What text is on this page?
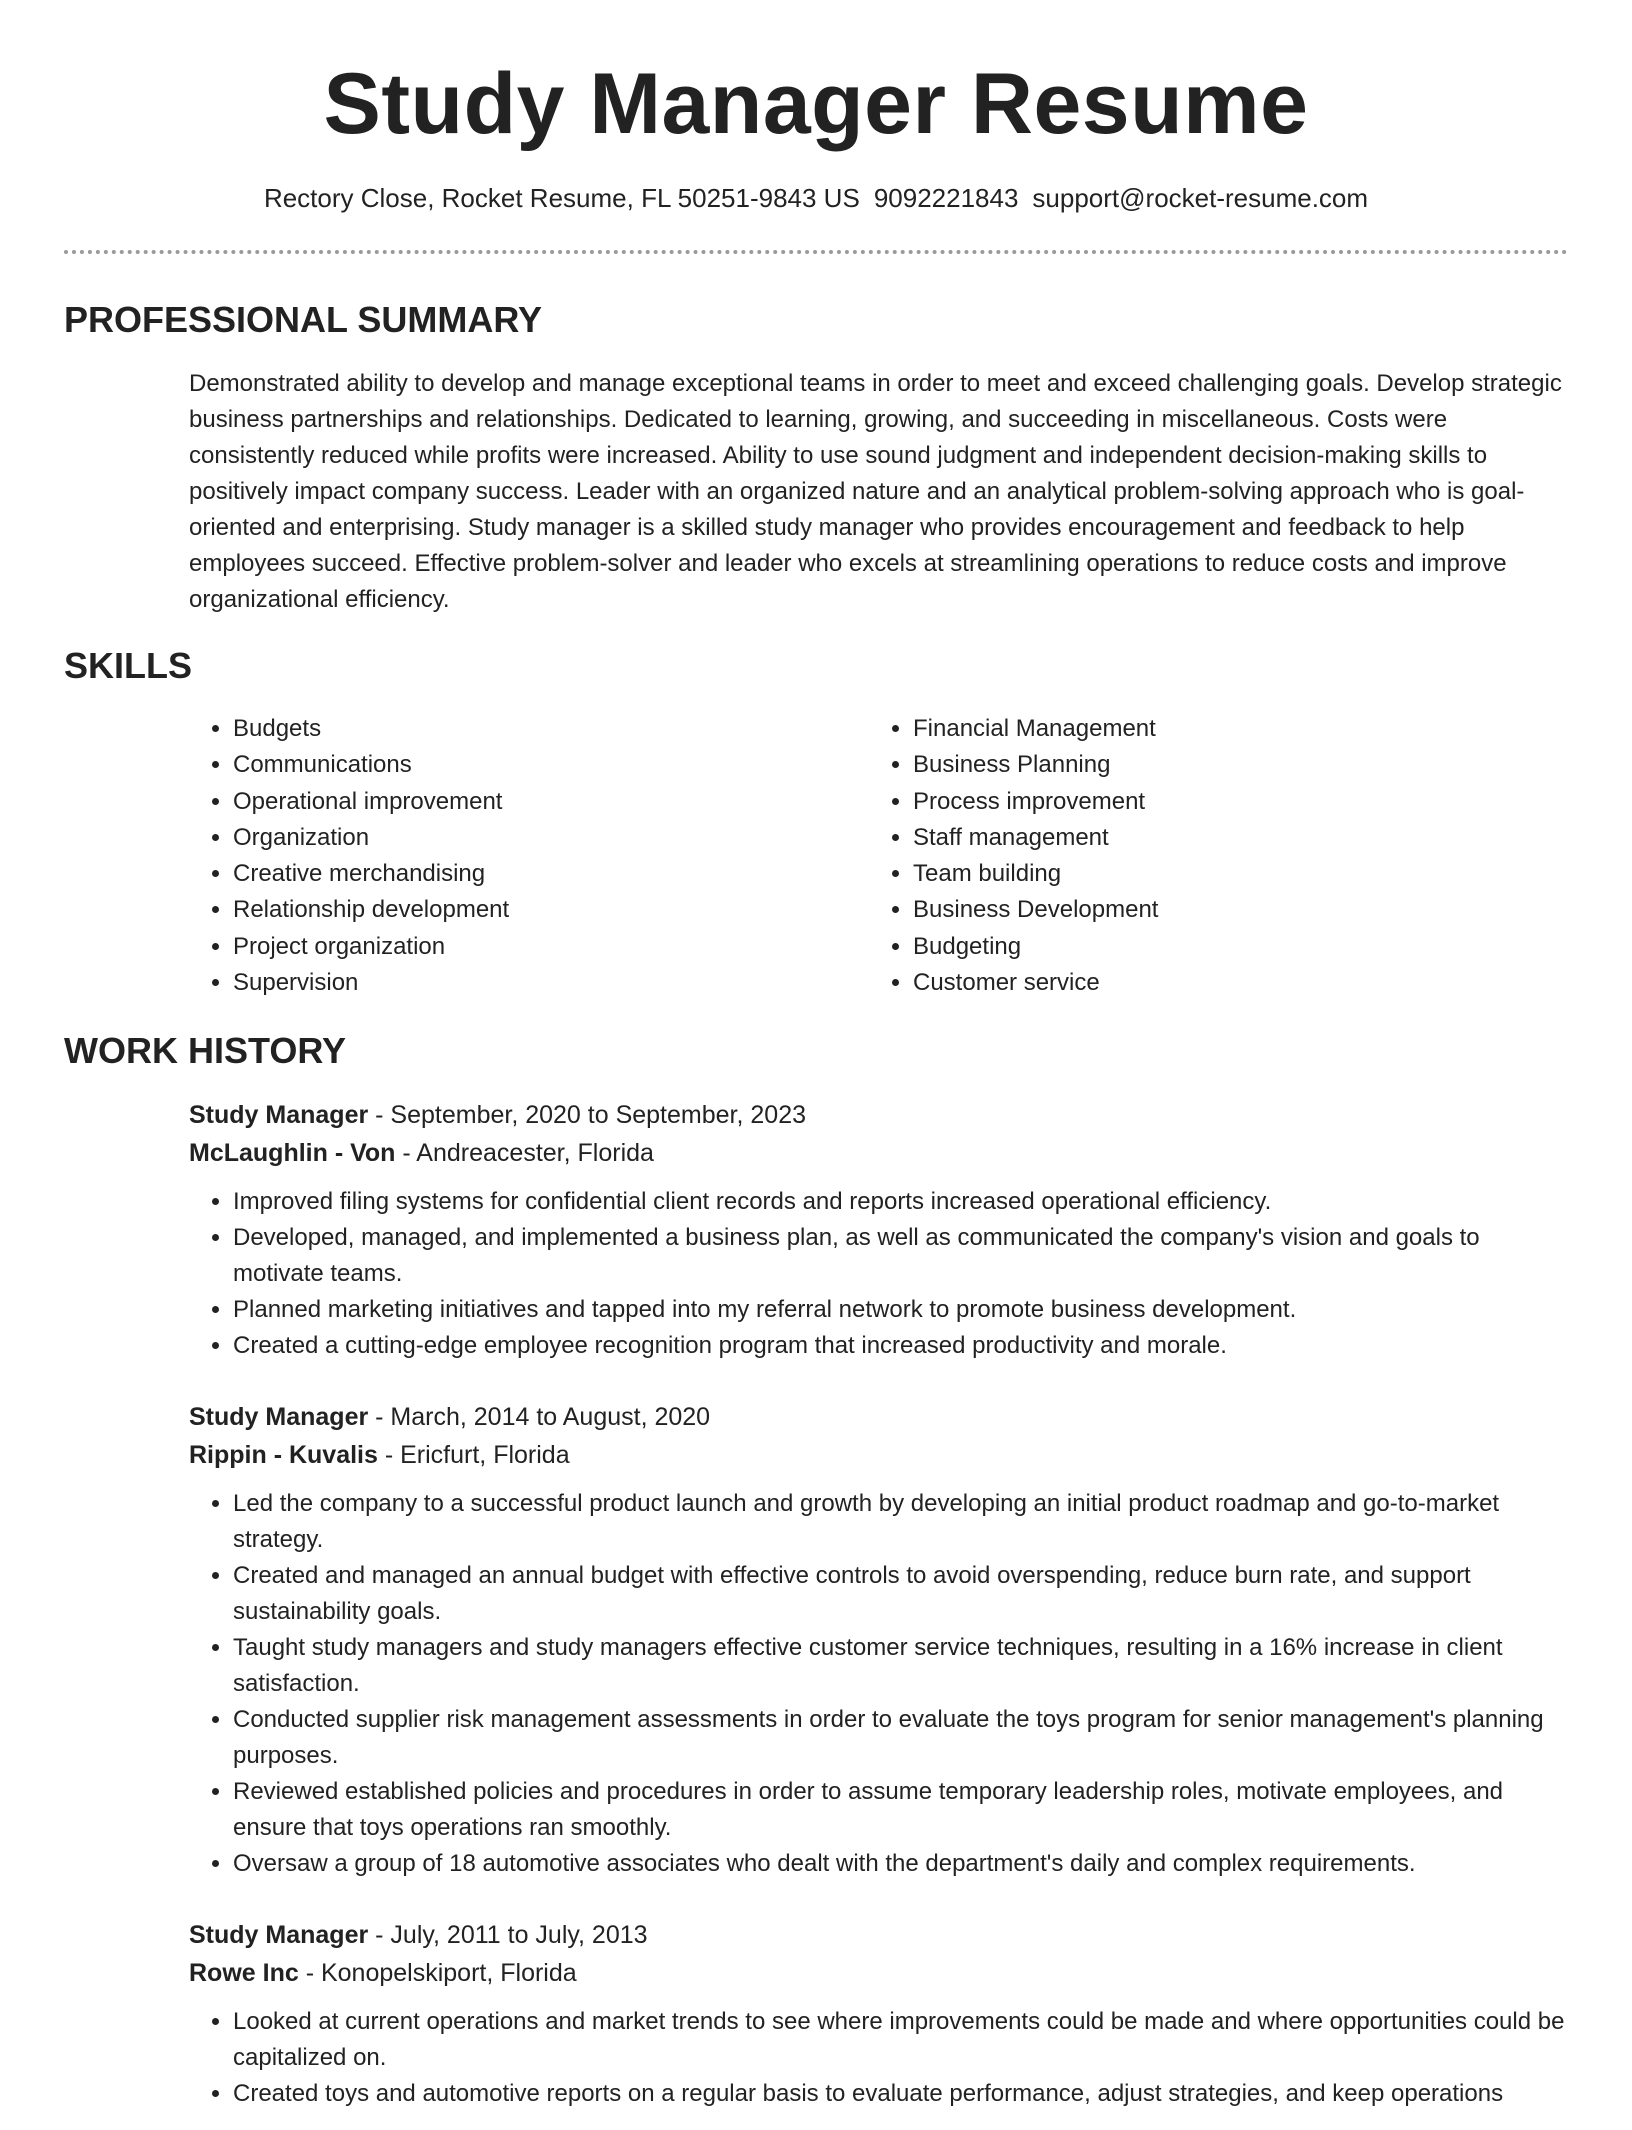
Study Manager Resume
Rectory Close, Rocket Resume, FL 50251-9843 US 9092221843 support@rocket-resume.com
PROFESSIONAL SUMMARY
Demonstrated ability to develop and manage exceptional teams in order to meet and exceed challenging goals. Develop strategic business partnerships and relationships. Dedicated to learning, growing, and succeeding in miscellaneous. Costs were consistently reduced while profits were increased. Ability to use sound judgment and independent decision-making skills to positively impact company success. Leader with an organized nature and an analytical problem-solving approach who is goal-oriented and enterprising. Study manager is a skilled study manager who provides encouragement and feedback to help employees succeed. Effective problem-solver and leader who excels at streamlining operations to reduce costs and improve organizational efficiency.
SKILLS
• Budgets
• Communications
• Operational improvement
• Organization
• Creative merchandising
• Relationship development
• Project organization
• Supervision
• Financial Management
• Business Planning
• Process improvement
• Staff management
• Team building
• Business Development
• Budgeting
• Customer service
WORK HISTORY
Study Manager - September, 2020 to September, 2023
McLaughlin - Von - Andreacester, Florida
• Improved filing systems for confidential client records and reports increased operational efficiency.
• Developed, managed, and implemented a business plan, as well as communicated the company's vision and goals to motivate teams.
• Planned marketing initiatives and tapped into my referral network to promote business development.
• Created a cutting-edge employee recognition program that increased productivity and morale.
Study Manager - March, 2014 to August, 2020
Rippin - Kuvalis - Ericfurt, Florida
• Led the company to a successful product launch and growth by developing an initial product roadmap and go-to-market strategy.
• Created and managed an annual budget with effective controls to avoid overspending, reduce burn rate, and support sustainability goals.
• Taught study managers and study managers effective customer service techniques, resulting in a 16% increase in client satisfaction.
• Conducted supplier risk management assessments in order to evaluate the toys program for senior management's planning purposes.
• Reviewed established policies and procedures in order to assume temporary leadership roles, motivate employees, and ensure that toys operations ran smoothly.
• Oversaw a group of 18 automotive associates who dealt with the department's daily and complex requirements.
Study Manager - July, 2011 to July, 2013
Rowe Inc - Konopelskiport, Florida
• Looked at current operations and market trends to see where improvements could be made and where opportunities could be capitalized on.
• Created toys and automotive reports on a regular basis to evaluate performance, adjust strategies, and keep operations
